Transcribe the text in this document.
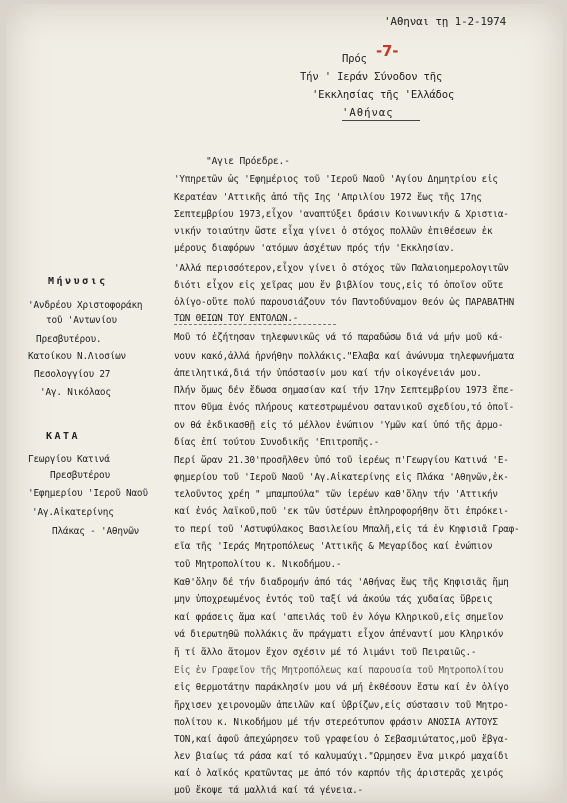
'Αθηναι τῃ 1-2-1974
-7-
Πρός
Τήν ' Ιεράν Σύνοδον τῆς
'Εκκλησίας τῆς 'Ελλάδος
'Αθήνας
Μήνυσις
'Ανδρέου Χριστοφοράκη
τοῦ 'Αντωνίου
Πρεσβυτέρου.
Κατοίκου Ν.Λιοσίων
Πεσολογγίου 27
'Αγ. Νικόλαος
ΚΑΤΑ
Γεωργίου Κατινά
Πρεσβυτέρου
'Εφημερίου 'Ιεροῦ Ναοῦ
'Αγ.Αἰκατερίνης
Πλάκας - 'Αθηνῶν
"Αγιε Πρόεδρε.-
'Υπηρετῶν ὡς 'Εφημέριος τοῦ 'Ιεροῦ Ναοῦ 'Αγίου Δημητρίου εἰς
Κερατέαν 'Αττικῆς ἀπό τῆς Ιης 'Απριλίου 1972 ἕως τῆς 17ης
Σεπτεμβρίου 1973,εἶχον 'αναπτύξει δράσιν Κοινωνικήν & Χριστια-
νικήν τοιαύτην ὥστε εἶχα γίνει ὁ στόχος πολλῶν ἐπιθέσεων ἐκ
μέρους διαφόρων 'ατόμων ἀσχέτων πρός τήν 'Εκκλησίαν.
'Αλλά περισσότερον,εἶχον γίνει ὁ στόχος τῶν Παλαιοημερολογιτῶν
διότι εἶχον εἰς χεῖρας μου ἕν βιβλίον τους,εἰς τό ὁποῖον οὔτε
ὀλίγο-οὔτε πολύ παρουσιάζουν τόν Παντοδύναμον Θεόν ὡς ΠΑΡΑΒΑΤΗΝ
ΤΩΝ ΘΕΙΩΝ ΤΟΥ ΕΝΤΟΛΩΝ.-
Μοῦ τό ἐζήτησαν τηλεφωνικῶς νά τό παραδώσω διά νά μήν μοῦ κά-
νουν κακό,ἀλλά ἠρνήθην πολλάκις."Ελαβα καί ἀνώνυμα τηλεφωνήματα
ἀπειλητικά,διά τήν ὑπόστασίν μου καί τήν οἰκογένειάν μου.
Πλήν ὅμως δέν ἔδωσα σημασίαν καί τήν 17ην Σεπτεμβρίου 1973 ἔπε-
πτον θῦμα ἑνός πλήρους κατεστρωμένου σατανικοῦ σχεδίου,τό ὁποῖ-
ον θά ἐκδικασθῇ εἰς τό μέλλον ἐνώπιον 'Υμῶν καί ὑπό τῆς ἁρμο-
δίας ἐπί τούτου Συνοδικῆς 'Επιτροπῆς.-
Περί ὥραν 21.30'προσῆλθεν ὑπό τοῦ ἱερέως π'Γεωργίου Κατινά 'Ε-
φημερίου τοῦ 'Ιεροῦ Ναοῦ 'Αγ.Αἰκατερίνης εἰς Πλάκα 'Αθηνῶν,ἐκ-
τελοῦντος χρέη " μπαμπούλα" τῶν ἱερέων καθ'ὅλην τήν 'Αττικήν
καί ἑνός λαϊκοῦ,ποῦ 'εκ τῶν ὑστέρων ἐπληροφορήθην ὅτι ἐπρόκει-
το περί τοῦ 'Αστυφύλακος Βασιλείου Μπαλῆ,εἰς τά ἐν Κηφισιᾶ Γραφ-
εῖα τῆς 'Ιεράς Μητροπόλεως 'Αττικῆς & Μεγαρίδος καί ἐνώπιον
τοῦ Μητροπολίτου κ. Νικοδήμου.-
Καθ'ὅλην δέ τήν διαδρομήν ἀπό τάς 'Αθήνας ἕως τῆς Κηφισιᾶς ἤμη
μην ὑποχρεωμένος ἐντός τοῦ ταξί νά ἀκούω τάς χυδαίας ὕβρεις
καί φράσεις ἅμα καί 'απειλάς τοῦ ἐν λόγω Κληρικοῦ,εἰς σημεῖον
νά διερωτηθῶ πολλάκις ἄν πράγματι εἶχον ἀπέναντί μου Κληρικόν
ἤ τί ἄλλο ἄτομον ἔχον σχέσιν μέ τό λιμάνι τοῦ Πειραιῶς.-
Εἰς ἐν Γραφεῖον τῆς Μητροπόλεως καί παρουσία τοῦ Μητροπολίτου
εἰς θερμοτάτην παράκλησίν μου νά μή ἐκθέσουν ἔστω καί ἐν ὀλίγο
ἤρχισεν χειρονομῶν ἀπειλῶν καί ὑβρίζων,εἰς σύστασιν τοῦ Μητρο-
πολίτου κ. Νικοδήμου μέ τήν στερεότυπον φράσιν ΑΝΟΣΙΑ ΑΥΤΟΥΣ
ΤΟΝ,καί ἀφοῦ ἀπεχώρησεν τοῦ γραφείου ὁ Σεβασμιώτατος,μοῦ ἔβγα-
λεν βιαίως τά ράσα καί τό καλυμαύχι."Ωρμησεν ἕνα μικρό μαχαίδι
καί ὁ λαϊκός κρατῶντας με ἀπό τόν καρπόν τῆς ἀριστερᾶς χειρός
μοῦ ἔκοψε τά μαλλιά καί τά γένεια.-
